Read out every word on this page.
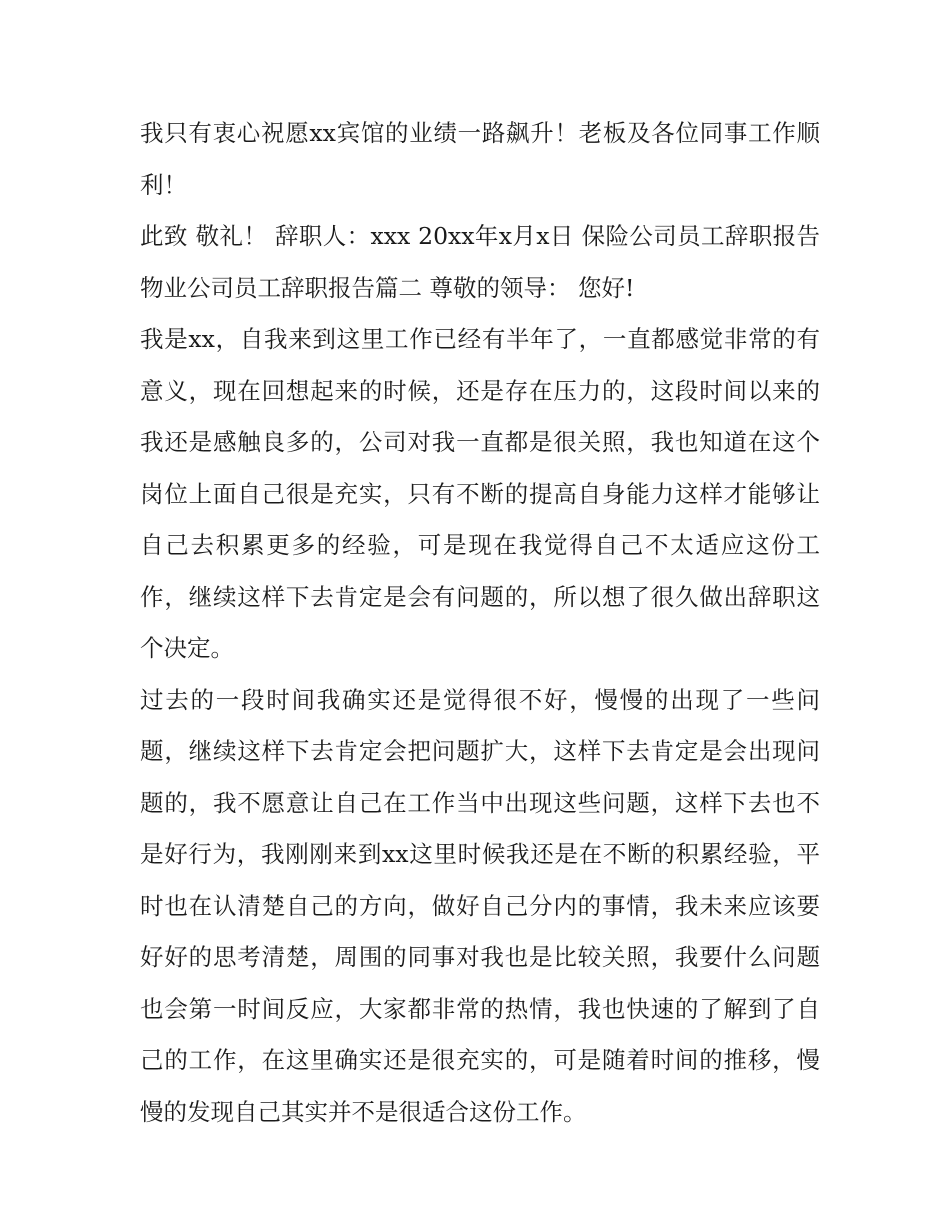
我只有衷心祝愿xx宾馆的业绩一路飙升！老板及各位同事工作顺利！

此致 敬礼！ 辞职人：xxx 20xx年x月x日 保险公司员工辞职报告 物业公司员工辞职报告篇二 尊敬的领导： 您好!

我是xx，自我来到这里工作已经有半年了，一直都感觉非常的有意义，现在回想起来的时候，还是存在压力的，这段时间以来的我还是感触良多的，公司对我一直都是很关照，我也知道在这个岗位上面自己很是充实，只有不断的提高自身能力这样才能够让自己去积累更多的经验，可是现在我觉得自己不太适应这份工作，继续这样下去肯定是会有问题的，所以想了很久做出辞职这个决定。

过去的一段时间我确实还是觉得很不好，慢慢的出现了一些问题，继续这样下去肯定会把问题扩大，这样下去肯定是会出现问题的，我不愿意让自己在工作当中出现这些问题，这样下去也不是好行为，我刚刚来到xx这里时候我还是在不断的积累经验，平时也在认清楚自己的方向，做好自己分内的事情，我未来应该要好好的思考清楚，周围的同事对我也是比较关照，我要什么问题也会第一时间反应，大家都非常的热情，我也快速的了解到了自己的工作，在这里确实还是很充实的，可是随着时间的推移，慢慢的发现自己其实并不是很适合这份工作。
